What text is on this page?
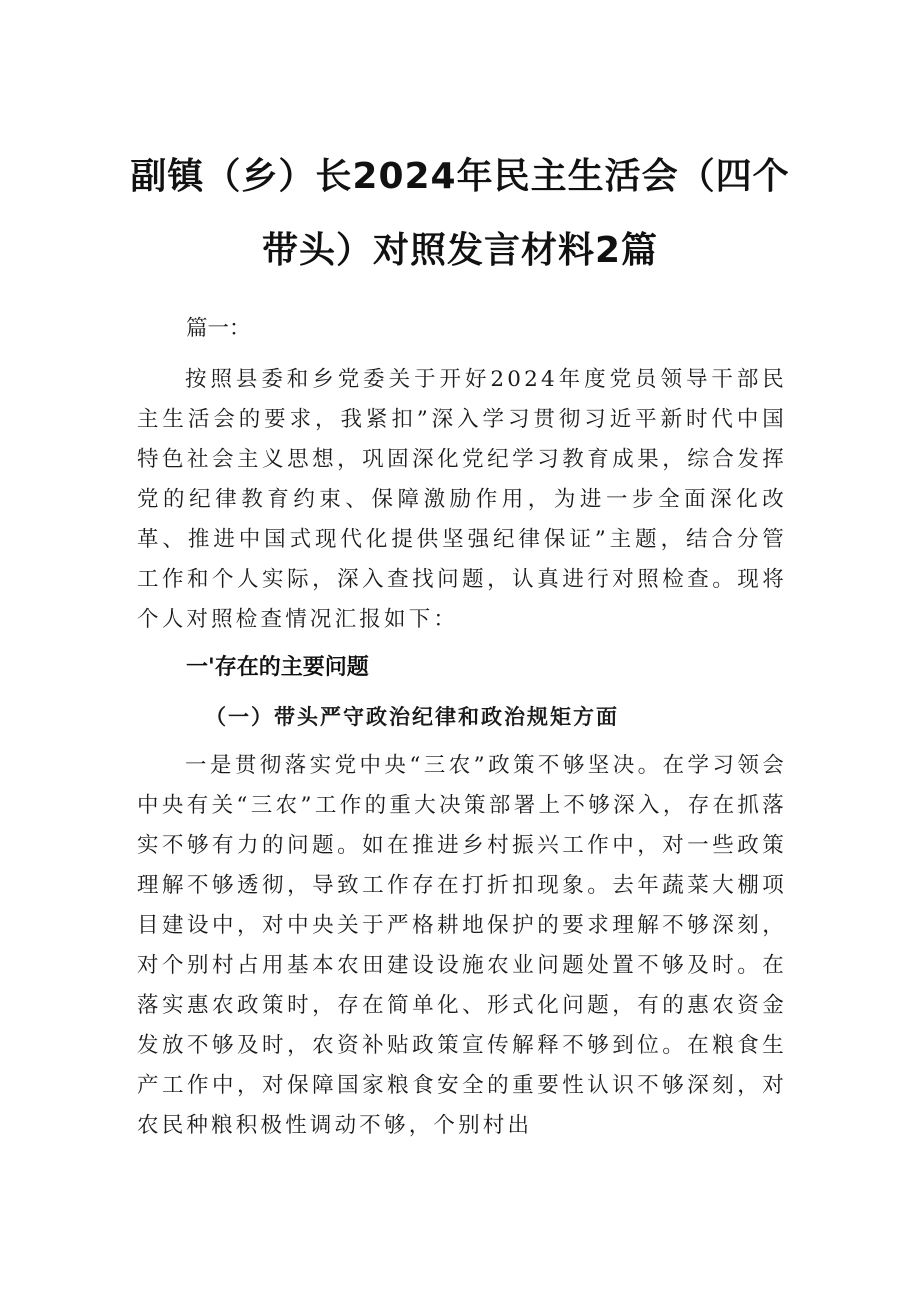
副镇（乡）长2024年民主生活会（四个带头）对照发言材料2篇

篇一：

按照县委和乡党委关于开好2024年度党员领导干部民主生活会的要求，我紧扣”深入学习贯彻习近平新时代中国特色社会主义思想，巩固深化党纪学习教育成果，综合发挥党的纪律教育约束、保障激励作用，为进一步全面深化改革、推进中国式现代化提供坚强纪律保证”主题，结合分管工作和个人实际，深入查找问题，认真进行对照检查。现将个人对照检查情况汇报如下：

一'存在的主要问题
（一）带头严守政治纪律和政治规矩方面

一是贯彻落实党中央“三农”政策不够坚决。在学习领会中央有关“三农”工作的重大决策部署上不够深入，存在抓落实不够有力的问题。如在推进乡村振兴工作中，对一些政策理解不够透彻，导致工作存在打折扣现象。去年蔬菜大棚项目建设中，对中央关于严格耕地保护的要求理解不够深刻，对个别村占用基本农田建设设施农业问题处置不够及时。在落实惠农政策时，存在简单化、形式化问题，有的惠农资金发放不够及时，农资补贴政策宣传解释不够到位。在粮食生产工作中，对保障国家粮食安全的重要性认识不够深刻，对农民种粮积极性调动不够，个别村出
